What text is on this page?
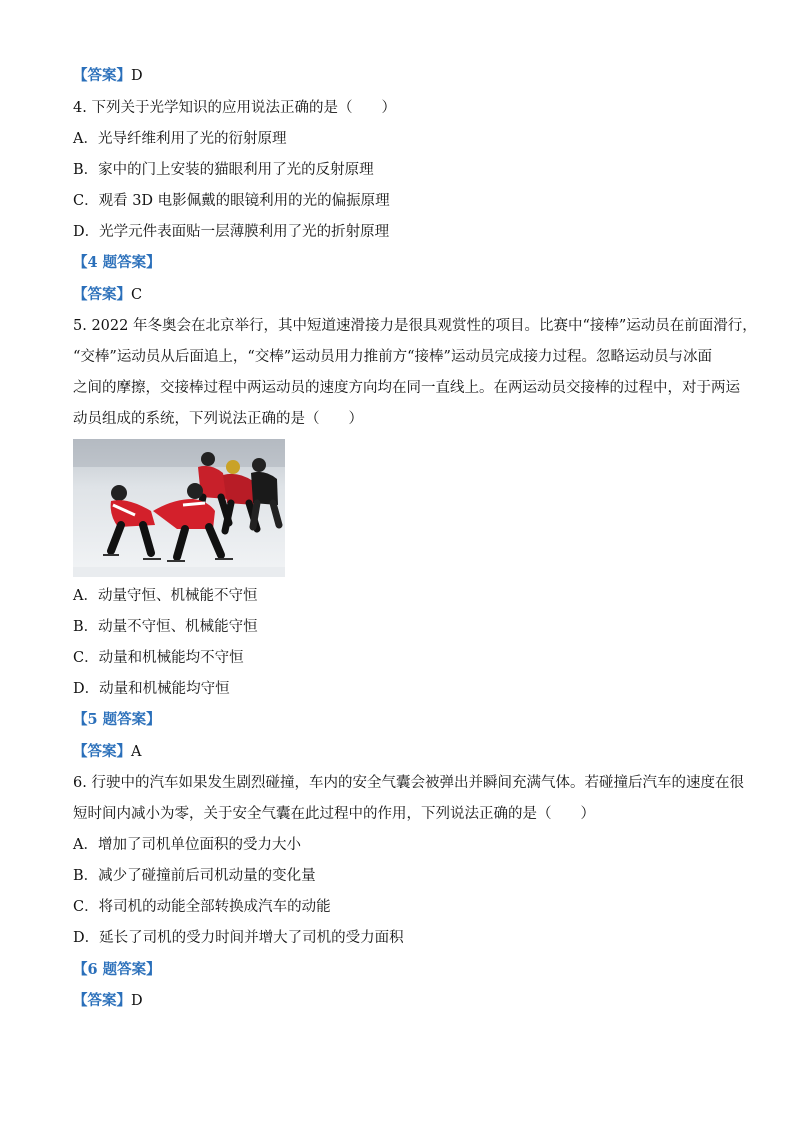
【答案】D
4. 下列关于光学知识的应用说法正确的是（　　）
A．光导纤维利用了光的衍射原理
B．家中的门上安装的猫眼利用了光的反射原理
C．观看 3D 电影佩戴的眼镜利用的光的偏振原理
D．光学元件表面贴一层薄膜利用了光的折射原理
【4 题答案】
【答案】C
5. 2022 年冬奥会在北京举行，其中短道速滑接力是很具观赏性的项目。比赛中“接棒”运动员在前面滑行，
“交棒”运动员从后面追上，“交棒”运动员用力推前方“接棒”运动员完成接力过程。忽略运动员与冰面
之间的摩擦，交接棒过程中两运动员的速度方向均在同一直线上。在两运动员交接棒的过程中，对于两运
动员组成的系统，下列说法正确的是（　　）
A．动量守恒、机械能不守恒
B．动量不守恒、机械能守恒
C．动量和机械能均不守恒
D．动量和机械能均守恒
【5 题答案】
【答案】A
6. 行驶中的汽车如果发生剧烈碰撞，车内的安全气囊会被弹出并瞬间充满气体。若碰撞后汽车的速度在很
短时间内减小为零，关于安全气囊在此过程中的作用，下列说法正确的是（　　）
A．增加了司机单位面积的受力大小
B．减少了碰撞前后司机动量的变化量
C．将司机的动能全部转换成汽车的动能
D．延长了司机的受力时间并增大了司机的受力面积
【6 题答案】
【答案】D
